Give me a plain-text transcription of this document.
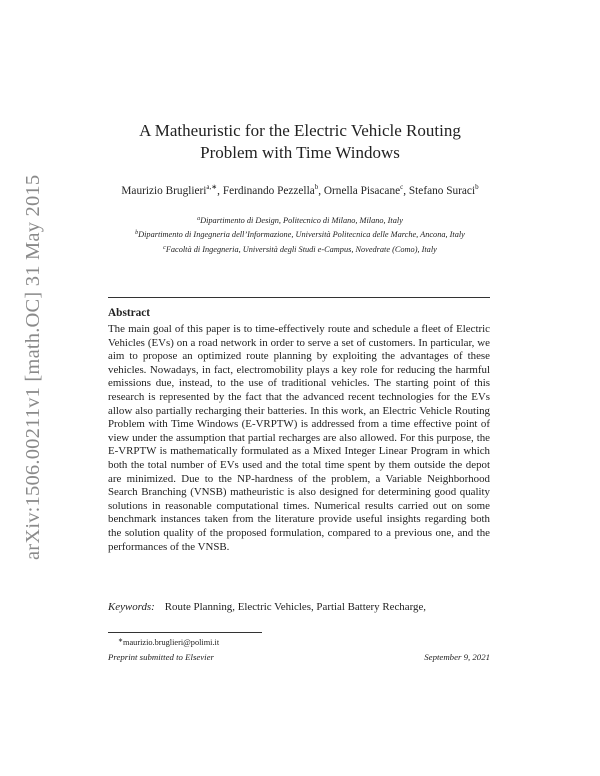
arXiv:1506.00211v1 [math.OC] 31 May 2015
A Matheuristic for the Electric Vehicle Routing
Problem with Time Windows
Maurizio Bruglieri$^{a,∗}$, Ferdinando Pezzella$^b$, Ornella Pisacane$^c$, Stefano Suraci$^b$
$^a$Dipartimento di Design, Politecnico di Milano, Milano, Italy
$^b$Dipartimento di Ingegneria dell’Informazione, Università Politecnica delle Marche, Ancona, Italy
$^c$Facoltà di Ingegneria, Università degli Studi e-Campus, Novedrate (Como), Italy
Abstract

The main goal of this paper is to time-effectively route and schedule a fleet of Electric Vehicles (EVs) on a road network in order to serve a set of customers. In particular, we aim to propose an optimized route planning by exploiting the advantages of these vehicles. Nowadays, in fact, electromobility plays a key role for reducing the harmful emissions due, instead, to the use of traditional vehicles. The starting point of this research is represented by the fact that the advanced recent technologies for the EVs allow also partially recharging their batteries. In this work, an Electric Vehicle Routing Problem with Time Windows (E-VRPTW) is addressed from a time effective point of view under the assumption that partial recharges are also allowed. For this purpose, the E-VRPTW is mathematically formulated as a Mixed Integer Linear Program in which both the total number of EVs used and the total time spent by them outside the depot are minimized. Due to the NP-hardness of the problem, a Variable Neighborhood Search Branching (VNSB) matheuristic is also designed for determining good quality solutions in reasonable computational times. Numerical results carried out on some benchmark instances taken from the literature provide useful insights regarding both the solution quality of the proposed formulation, compared to a previous one, and the performances of the VNSB.

Keywords: Route Planning, Electric Vehicles, Partial Battery Recharge,
∗maurizio.bruglieri@polimi.it
Preprint submitted to Elsevier	September 9, 2021
